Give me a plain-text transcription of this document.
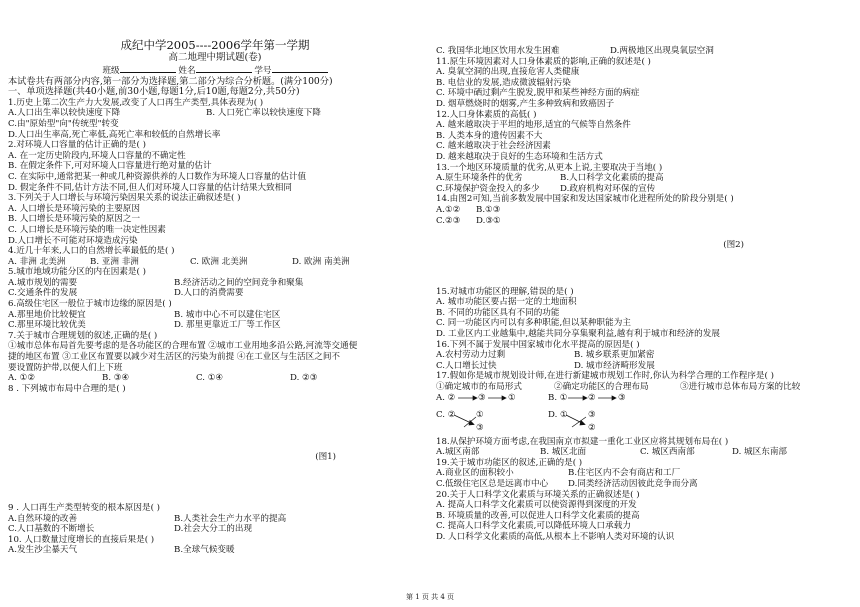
成纪中学2005----2006学年第一学期
高二地理中期试题(卷)
班级	姓名	学号
本试卷共有两部分内容,第一部分为选择题,第二部分为综合分析题。(满分100分)
一、单项选择题(共40小题,前30小题,每题1分,后10题,每题2分,共50分)
1.历史上第二次生产力大发展,改变了人口再生产类型,具体表现为( )
A.人口出生率以较快速度下降	B. 人口死亡率以较快速度下降
C.由"原始型"向"传统型"转变
D.人口出生率高,死亡率低,高死亡率和较低的自然增长率
2.对环境人口容量的估计正确的是( )
A. 在一定历史阶段内,环境人口容量的不确定性
B. 在假定条件下,可对环境人口容量进行绝对量的估计
C. 在实际中,通常把某一种或几种资源供养的人口数作为环境人口容量的估计值
D. 假定条件不同,估计方法不同,但人们对环境人口容量的估计结果大致相同
3.下列关于人口增长与环境污染因果关系的说法正确叙述是( )
A. 人口增长是环境污染的主要原因
B. 人口增长是环境污染的原因之一
C. 人口增长是环境污染的唯一决定性因素
D.人口增长不可能对环境造成污染
4.近几十年来,人口的自然增长率最低的是( )
A. 非洲 北美洲	B. 亚洲 非洲	C. 欧洲 北美洲	D. 欧洲 南美洲
5.城市地域功能分区的内在因素是( )
A.城市规划的需要	B.经济活动之间的空间竞争和聚集
C.交通条件的发展	D.人口的消费需要
6.高级住宅区一般位于城市边缘的原因是( )
A.那里地价比较便宜	B. 城市中心不可以建住宅区
C.那里环境比较优美	D. 那里更靠近工厂等工作区
7.关于城市合理规划的叙述,正确的是( )
①城市总体布局首先要考虑的是各功能区的合理布置 ②城市工业用地多沿公路,河流等交通便
捷的地区布置 ③工业区布置要以减少对生活区的污染为前提 ④在工业区与生活区之间不
要设置防护带,以便人们上下班
A. ①②	B. ③④	C. ①④	D. ②③
8 . 下列城市布局中合理的是( )
(图1)
9 . 人口再生产类型转变的根本原因是( )
A.自然环境的改善	B.人类社会生产力水平的提高
C.人口基数的不断增长	D.社会大分工的出现
10. 人口数量过度增长的直接后果是( )
A.发生沙尘暴天气	B.全球气候变暖
C. 我国华北地区饮用水发生困难	D.两极地区出现臭氧层空洞
11.原生环境因素对人口身体素质的影响,正确的叙述是( )
A. 臭氧空洞的出现,直接危害人类健康
B. 电信业的发展,造成微波辐射污染
C. 环境中硒过剩产生脱发,脱甲和某些神经方面的病症
D. 烟草燃烧时的烟雾,产生多种致病和致癌因子
12.人口身体素质的高低( )
A. 越来越取决于平坦的地形,适宜的气候等自然条件
B. 人类本身的遗传因素不大
C. 越来越取决于社会经济因素
D. 越来越取决于良好的生态环境和生活方式
13.一个地区环境质量的优劣,从更本上说,主要取决于当地( )
A.原生环境条件的优劣	B.人口科学文化素质的提高
C.环境保护资金投入的多少	D.政府机构对环保的宣传
14.由图2可知,当前多数发展中国家和发达国家城市化进程所处的阶段分别是( )
A.①②	B.①③
C.②③	D.③①
(图2)
15.对城市功能区的理解,错误的是( )
A. 城市功能区要占据一定的土地面积
B. 不同的功能区具有不同的功能
C. 同一功能区内可以有多种职能,但以某种职能为主
D. 工业区内工业越集中,越能共同分享集聚利益,越有利于城市和经济的发展
16.下列不属于发展中国家城市化水平提高的原因是( )
A.农村劳动力过剩	B. 城乡联系更加紧密
C.人口增长过快	D. 城市经济畸形发展
17.假如你是城市规划设计师,在进行新建城市规划工作时,你认为科学合理的工作程序是( )
①确定城市的布局形式	②确定功能区的合理布局	③进行城市总体布局方案的比较
A. ②	③	①	B. ① ②	③
C. ② ①
③
D. ① ③
②
18.从保护环境方面考虑,在我国南京市拟建一重化工业区应将其规划布局在( )
A.城区南部	B. 城区北面	C. 城区西南部	D. 城区东南部
19.关于城市功能区的叙述,正确的是( )
A.商业区的面积较小	B.住宅区内不会有商店和工厂
C.低级住宅区总是远离市中心	D.同类经济活动因彼此竞争而分离
20.关于人口科学文化素质与环境关系的正确叙述是( )
A. 提高人口科学文化素质可以使资源得到深度的开发
B. 环境质量的改善,可以促进人口科学文化素质的提高
C. 提高人口科学文化素质,可以降低环境人口承载力
D. 人口科学文化素质的高低,从根本上不影响人类对环境的认识
第 1 页 共 4 页
